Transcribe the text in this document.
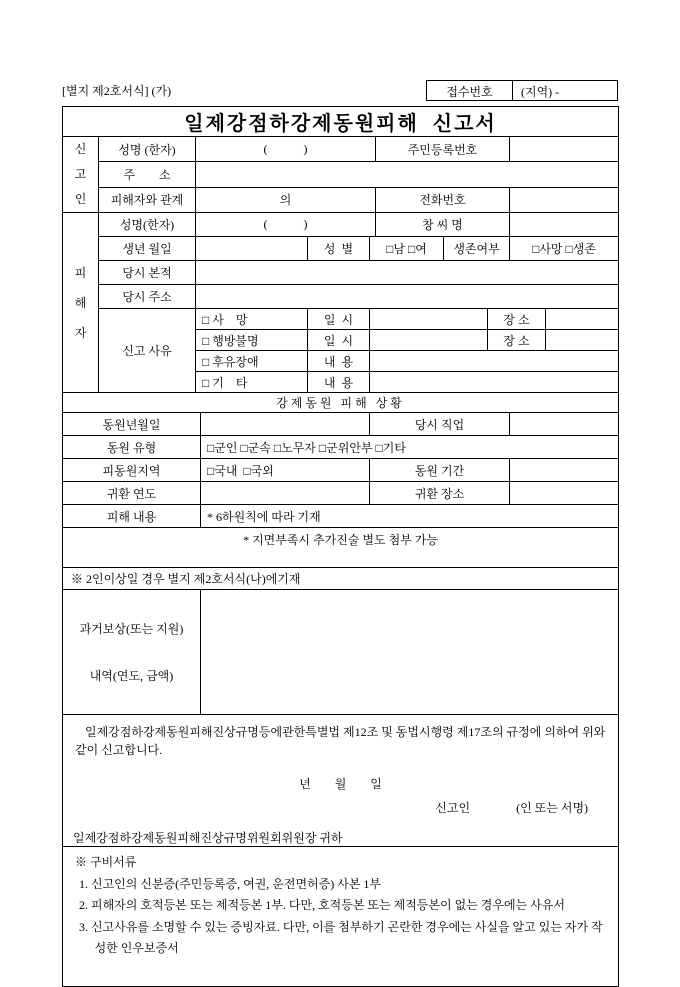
[별지 제2호서식] (가)	접수번호	(지역) -
일제강점하강제동원피해  신고서										
신고인	성명 (한자)	(            )				주민등록번호				
	주        소									
	피해자와 관계	의				전화번호				
피해자	성명(한자)	(            )				창 씨 명				
	생년 월일			성  별	□남 □여		생존여부		□사망 □생존	
	당시 본적									
	당시 주소									
	신고 사유	□ 사    망		일  시				장 소		
		□ 행방불명		일  시				장 소		
		□ 후유장애		내  용						
		□ 기    타		내  용						
강제동원 피해 상황										
동원년월일					당시 직업					
동원 유형			□군인 □군속 □노무자 □군위안부 □기타							
피동원지역			□국내  □국외		동원 기간					
귀환 연도					귀환 장소					
피해 내용			* 6하원칙에 따라 기재							
* 지면부족시 추가진술 별도 첨부 가능										
※ 2인이상일 경우 별지 제2호서식(나)에기재										

과거보상(또는 지원)

내역(연도, 금액)										

일제강점하강제동원피해진상규명등에관한특별법 제12조 및 동법시행령 제17조의 규정에 의하여 위와 같이 신고합니다.
년        월        일
신고인 (인 또는 서명)
일제강점하강제동원피해진상규명위원회위원장 귀하										

※ 구비서류
1. 신고인의 신분증(주민등록증, 여권, 운전면허증) 사본 1부
2. 피해자의 호적등본 또는 제적등본 1부. 다만, 호적등본 또는 제적등본이 없는 경우에는 사유서
3. 신고사유를 소명할 수 있는 증빙자료. 다만, 이를 첨부하기 곤란한 경우에는 사실을 알고 있는 자가 작성한 인우보증서										
